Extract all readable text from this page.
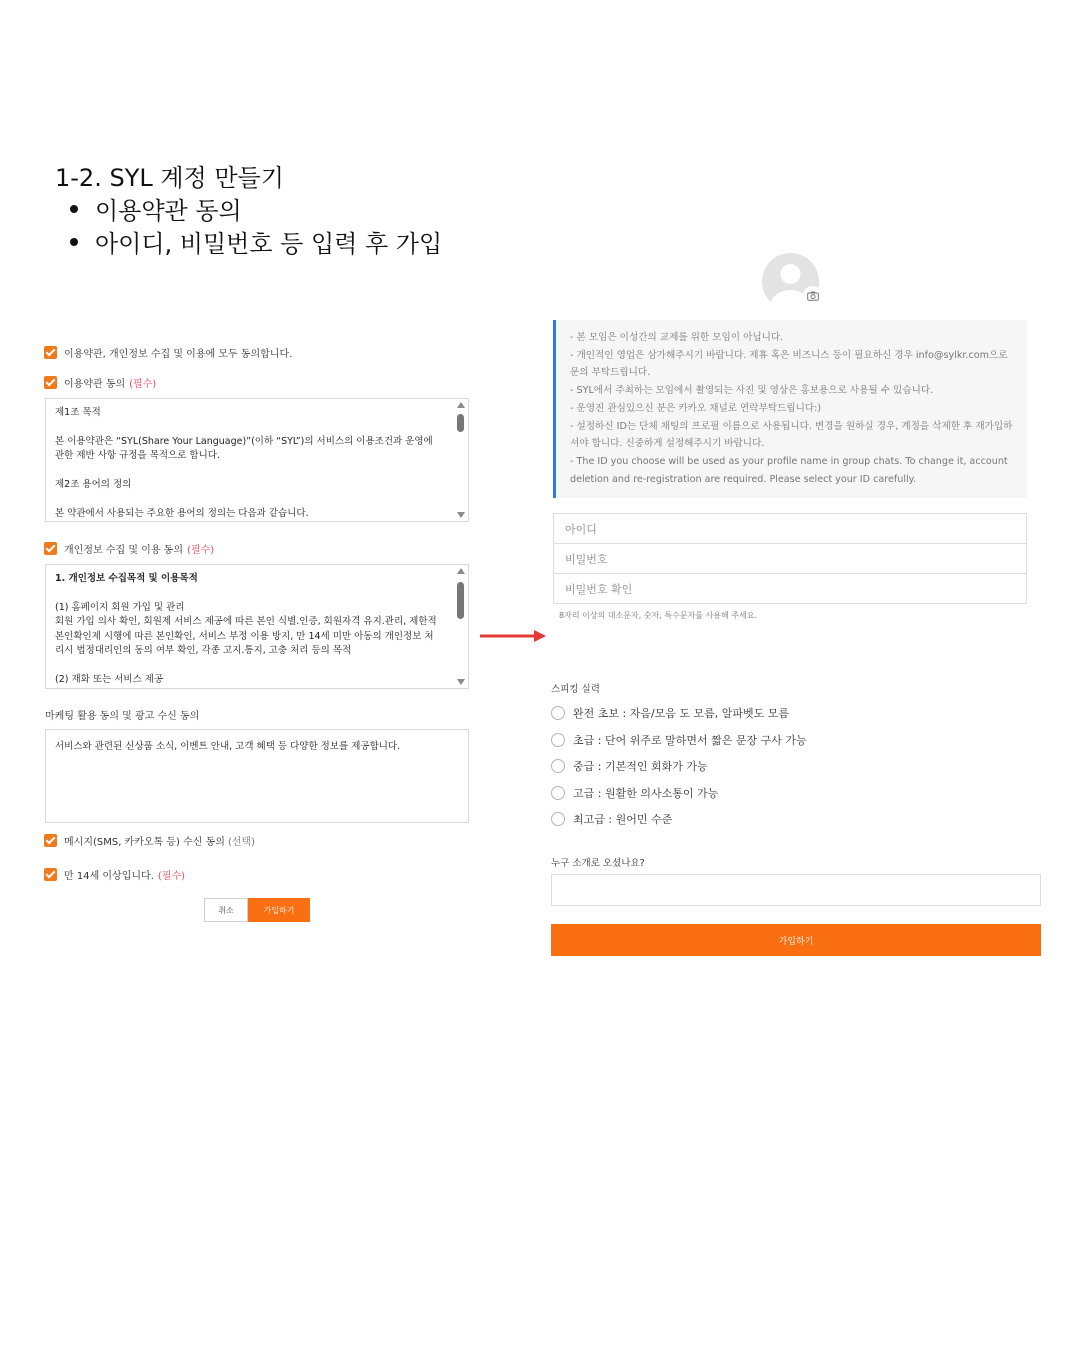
1-2. SYL 계정 만들기
이용약관 동의
아이디, 비밀번호 등 입력 후 가입
이용약관, 개인정보 수집 및 이용에 모두 동의합니다.
이용약관 동의 (필수)

제1조 목적

본 이용약관은 “SYL(Share Your Language)”(이하 “SYL”)의 서비스의 이용조건과 운영에 관한 제반 사항 규정을 목적으로 합니다.

제2조 용어의 정의

본 약관에서 사용되는 주요한 용어의 정의는 다음과 같습니다.

개인정보 수집 및 이용 동의 (필수)

1. 개인정보 수집목적 및 이용목적

(1) 홈페이지 회원 가입 및 관리

회원 가입 의사 확인, 회원제 서비스 제공에 따른 본인 식별.인증, 회원자격 유지.관리, 제한적 본인확인제 시행에 따른 본인확인, 서비스 부정 이용 방지, 만 14세 미만 아동의 개인정보 처리시 법정대리인의 동의 여부 확인, 각종 고지.통지, 고충 처리 등의 목적

(2) 재화 또는 서비스 제공

마케팅 활용 동의 및 광고 수신 동의

서비스와 관련된 신상품 소식, 이벤트 안내, 고객 혜택 등 다양한 정보를 제공합니다.

메시지(SMS, 카카오톡 등) 수신 동의 (선택)
만 14세 이상입니다. (필수)
취소	가입하기

- 본 모임은 이성간의 교제를 위한 모임이 아닙니다.

- 개인적인 영업은 삼가해주시기 바랍니다. 제휴 혹은 비즈니스 등이 필요하신 경우 info@sylkr.com으로 문의 부탁드립니다.

- SYL에서 주최하는 모임에서 촬영되는 사진 및 영상은 홍보용으로 사용될 수 있습니다.

- 운영진 관심있으신 분은 카카오 채널로 연락부탁드립니다:)

- 설정하신 ID는 단체 채팅의 프로필 이름으로 사용됩니다. 변경을 원하실 경우, 계정을 삭제한 후 재가입하셔야 합니다. 신중하게 설정해주시기 바랍니다.

- The ID you choose will be used as your profile name in group chats. To change it, account deletion and re-registration are required. Please select your ID carefully.

아이디
비밀번호
비밀번호 확인
8자리 이상의 대소문자, 숫자, 특수문자를 사용해 주세요.
스피킹 실력
완전 초보 : 자음/모음 도 모름, 알파벳도 모름
초급 : 단어 위주로 말하면서 짧은 문장 구사 가능
중급 : 기본적인 회화가 가능
고급 : 원활한 의사소통이 가능
최고급 : 원어민 수준
누구 소개로 오셨나요?
가입하기
